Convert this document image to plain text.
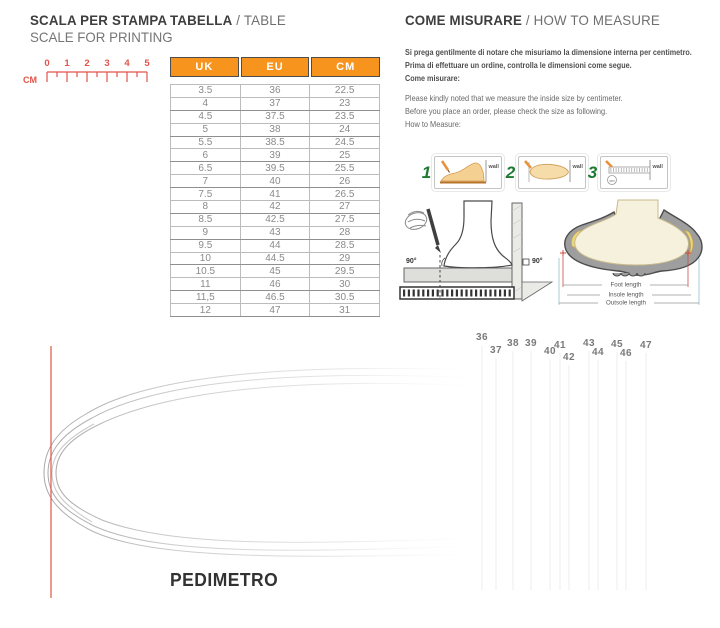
SCALA PER STAMPA
SCALE FOR PRINTING
0 1 2 3 4 5
CM
TABELLA / TABLE
UK	EU	CM
3.5	36	22.5
4	37	23
4.5	37.5	23.5
5	38	24
5.5	38.5	24.5
6	39	25
6.5	39.5	25.5
7	40	26
7.5	41	26.5
8	42	27
8.5	42.5	27.5
9	43	28
9.5	44	28.5
10	44.5	29
10.5	45	29.5
11	46	30
11,5	46.5	30.5
12	47	31
COME MISURARE / HOW TO MEASURE
Si prega gentilmente di notare che misuriamo la dimensione interna per centimetro.
Prima di effettuare un ordine, controlla le dimensioni come segue.
Come misurare:
Please kindly noted that we measure the inside size by centimeter.
Before you place an order, please check the size as following.
How to Measure:
1	wall 2	wall 3	wall
cm
90°	90°
Foot length
Insole length
Outsole length
36
37
38 39
40
41
42
43
44
45
46
47
PEDIMETRO
